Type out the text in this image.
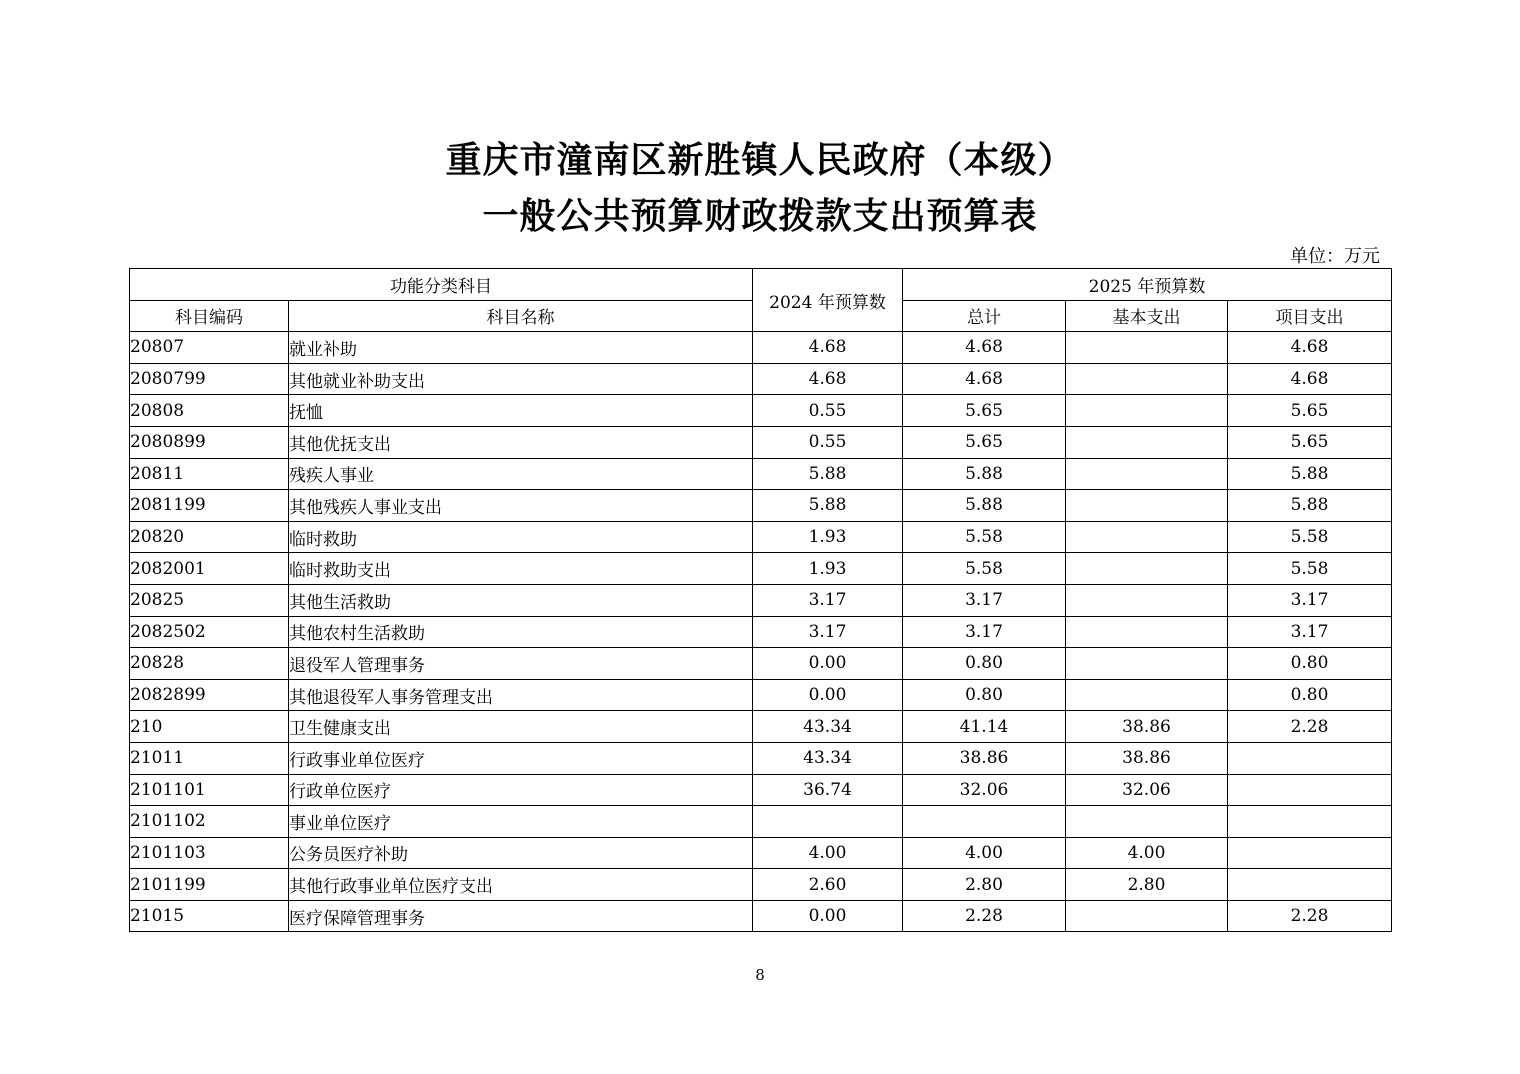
重庆市潼南区新胜镇人民政府（本级）
一般公共预算财政拨款支出预算表
单位：万元
功能分类科目		2024 年预算数	2025 年预算数		
科目编码	科目名称		总计	基本支出	项目支出
20807	就业补助	4.68	4.68		4.68
2080799	其他就业补助支出	4.68	4.68		4.68
20808	抚恤	0.55	5.65		5.65
2080899	其他优抚支出	0.55	5.65		5.65
20811	残疾人事业	5.88	5.88		5.88
2081199	其他残疾人事业支出	5.88	5.88		5.88
20820	临时救助	1.93	5.58		5.58
2082001	临时救助支出	1.93	5.58		5.58
20825	其他生活救助	3.17	3.17		3.17
2082502	其他农村生活救助	3.17	3.17		3.17
20828	退役军人管理事务	0.00	0.80		0.80
2082899	其他退役军人事务管理支出	0.00	0.80		0.80
210	卫生健康支出	43.34	41.14	38.86	2.28
21011	行政事业单位医疗	43.34	38.86	38.86	
2101101	行政单位医疗	36.74	32.06	32.06	
2101102	事业单位医疗				
2101103	公务员医疗补助	4.00	4.00	4.00	
2101199	其他行政事业单位医疗支出	2.60	2.80	2.80	
21015	医疗保障管理事务	0.00	2.28		2.28
8
